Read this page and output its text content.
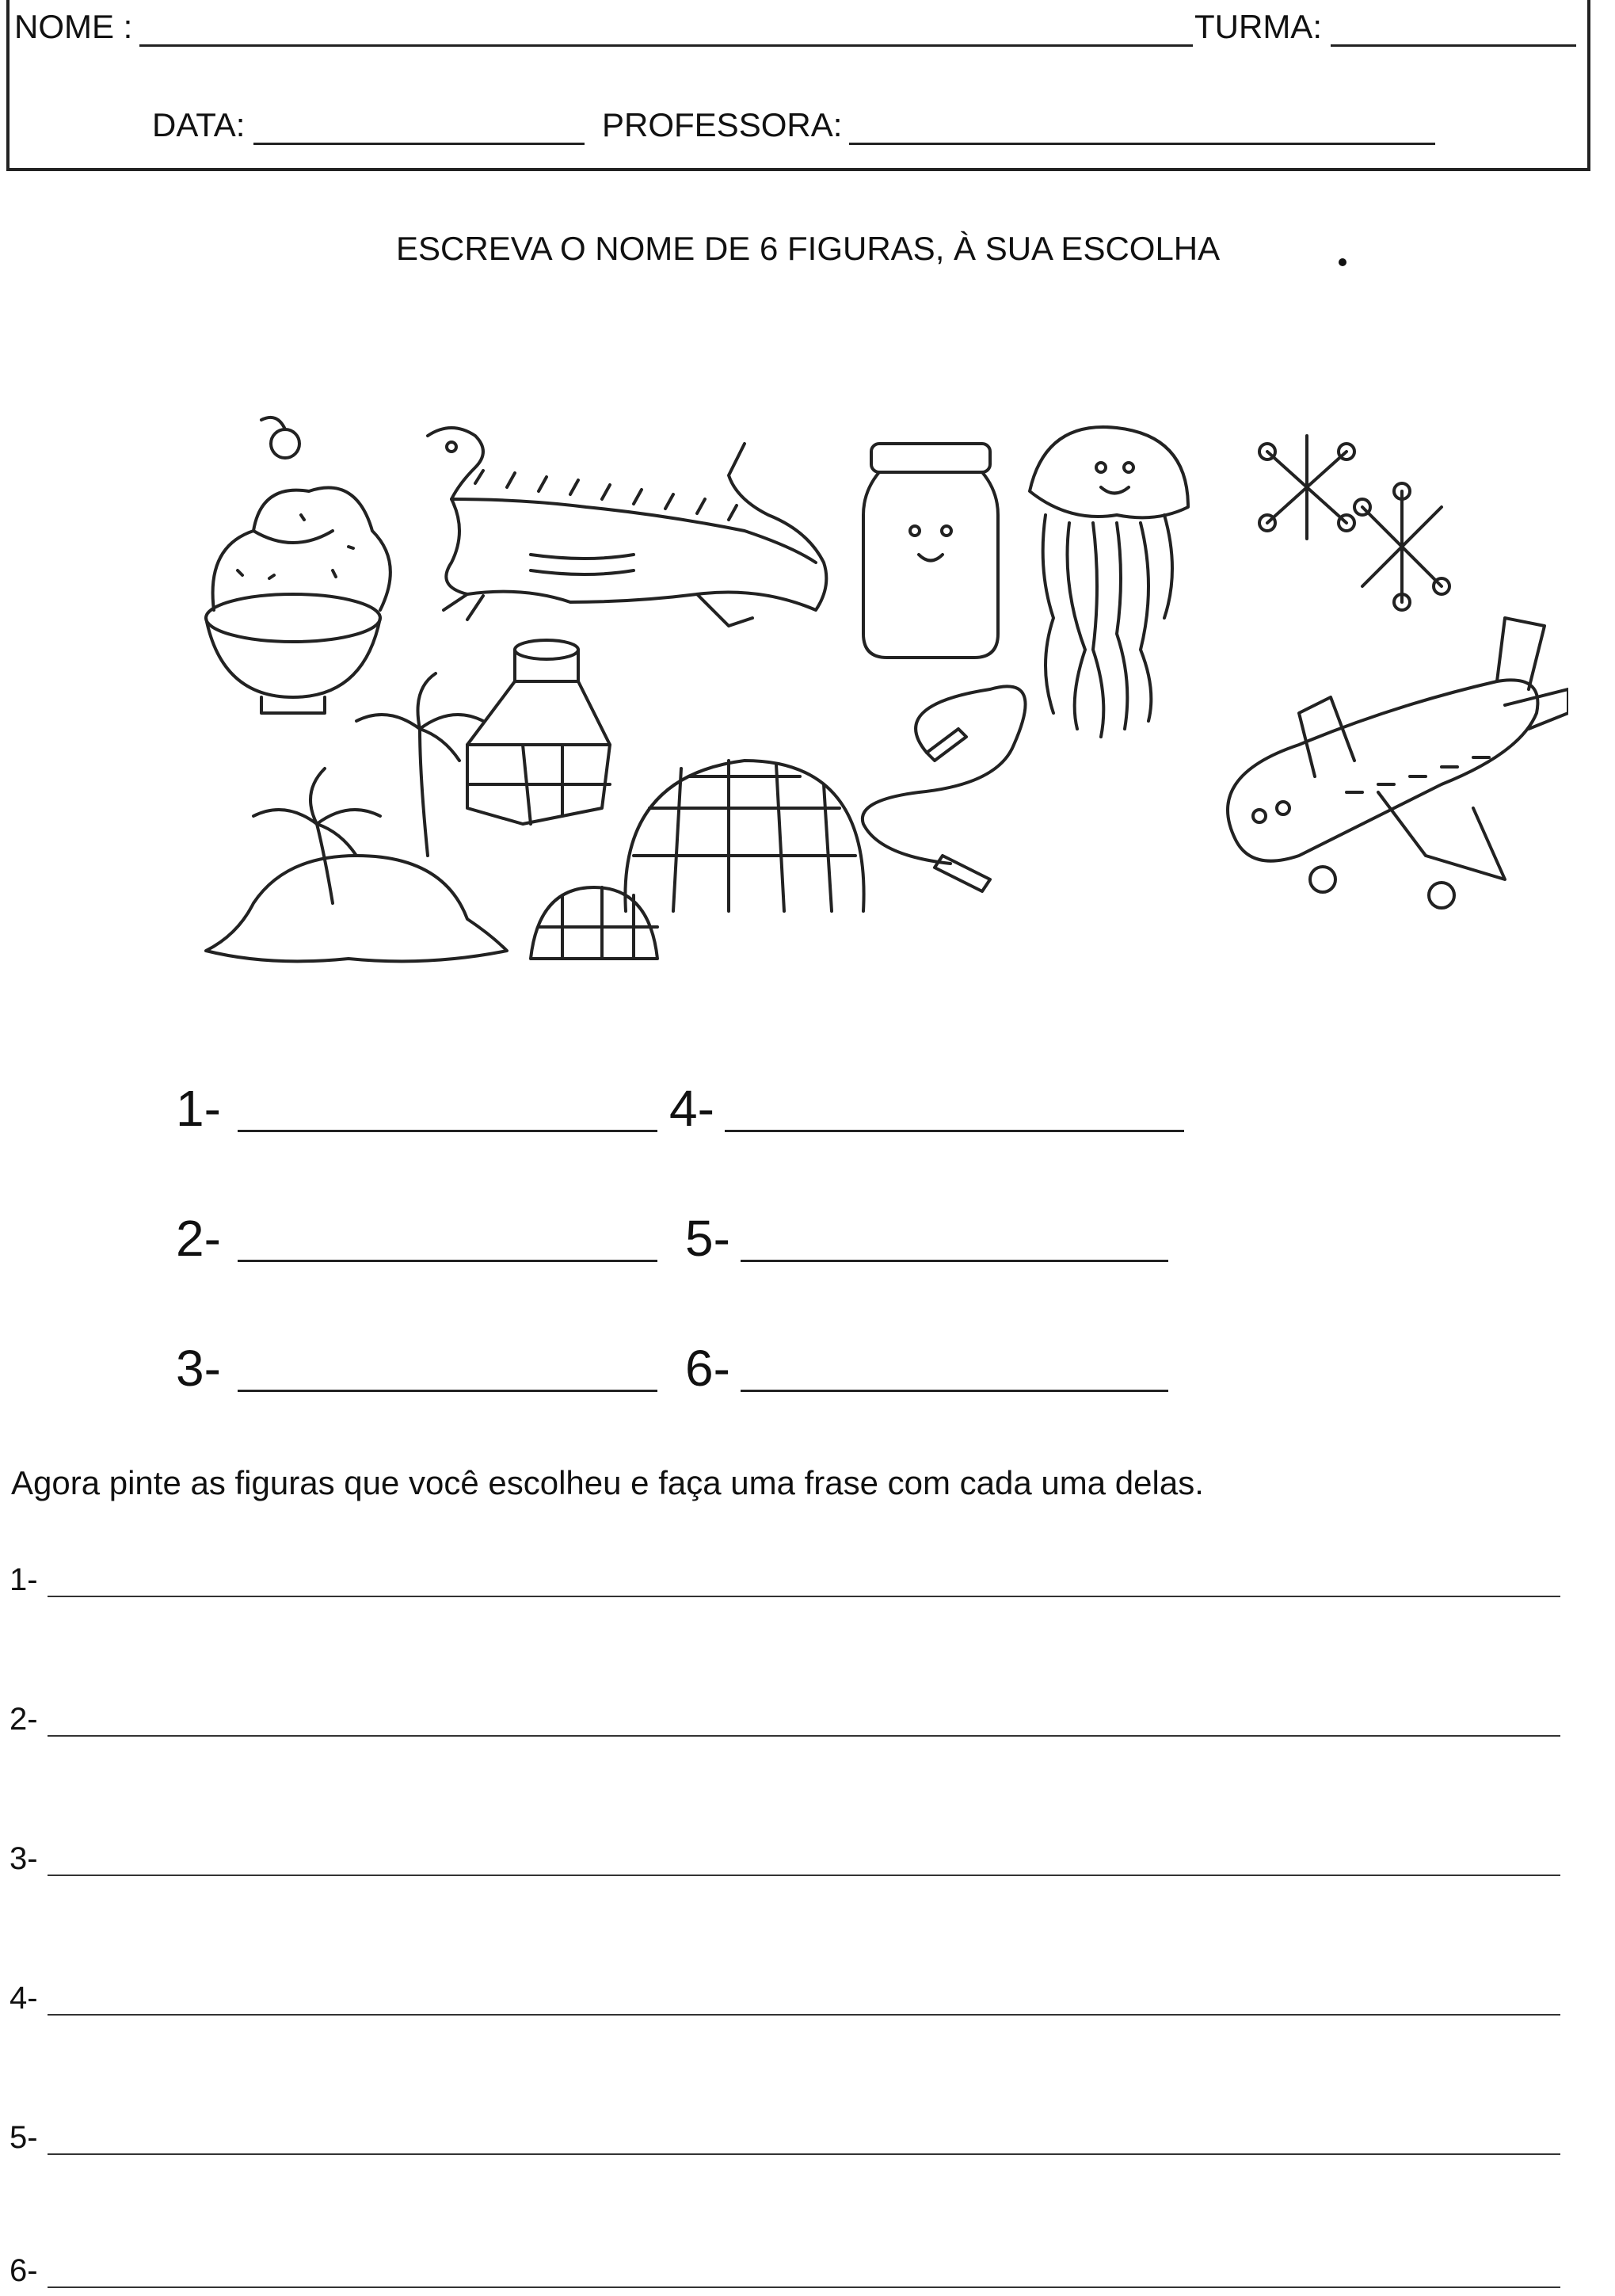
NOME :	TURMA:
DATA:	PROFESSORA:
ESCREVA O NOME DE 6 FIGURAS, À SUA ESCOLHA
1-	4-
2-	5-
3-	6-
Agora pinte as figuras que você escolheu e faça uma frase com cada uma delas.
1-
2-
3-
4-
5-
6-
